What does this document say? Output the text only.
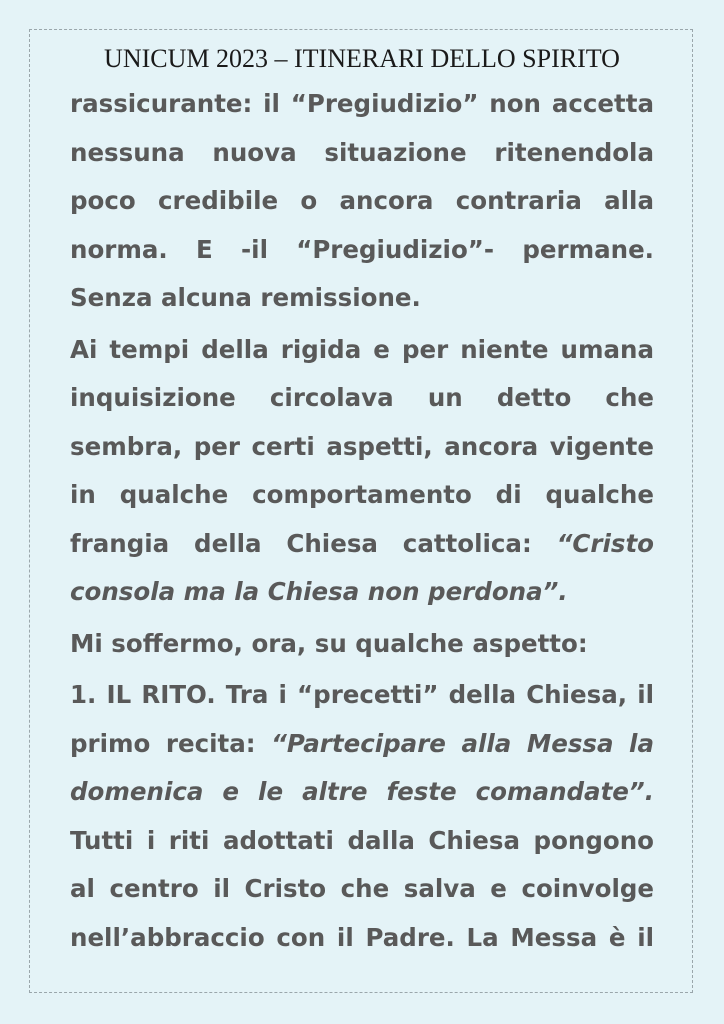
UNICUM 2023 – ITINERARI DELLO SPIRITO

rassicurante: il “Pregiudizio” non accetta nessuna nuova situazione ritenendola poco credibile o ancora contraria alla norma. E -il “Pregiudizio”- permane. Senza alcuna remissione.

Ai tempi della rigida e per niente umana inquisizione circolava un detto che sembra, per certi aspetti, ancora vigente in qualche comportamento di qualche frangia della Chiesa cattolica: “Cristo consola ma la Chiesa non perdona”.

Mi soffermo, ora, su qualche aspetto:

1. IL RITO. Tra i “precetti” della Chiesa, il primo recita: “Partecipare alla Messa la domenica e le altre feste comandate”. Tutti i riti adottati dalla Chiesa pongono al centro il Cristo che salva e coinvolge nell’abbraccio con il Padre. La Messa è il
